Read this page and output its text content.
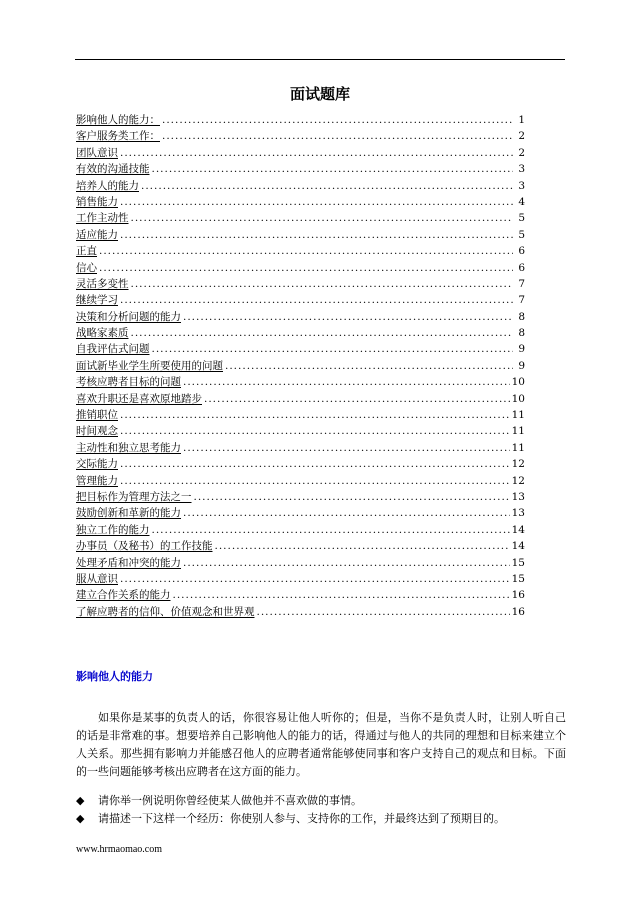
面试题库
影响他人的能力： .....	1
客户服务类工作： .....	2
团队意识 .....	2
有效的沟通技能 .....	3
培养人的能力 .....	3
销售能力 .....	4
工作主动性 .....	5
适应能力 .....	5
正直 .....	6
信心 .....	6
灵活多变性 .....	7
继续学习 .....	7
决策和分析问题的能力 .....	8
战略家素质 .....	8
自我评估式问题 .....	9
面试新毕业学生所要使用的问题 .....	9
考核应聘者目标的问题 .....	10
喜欢升职还是喜欢原地踏步 .....	10
推销职位 .....	11
时间观念 .....	11
主动性和独立思考能力 .....	11
交际能力 .....	12
管理能力 .....	12
把目标作为管理方法之一 .....	13
鼓励创新和革新的能力 .....	13
独立工作的能力 .....	14
办事员（及秘书）的工作技能 .....	14
处理矛盾和冲突的能力 .....	15
服从意识 .....	15
建立合作关系的能力 .....	16
了解应聘者的信仰、价值观念和世界观 .....	16
影响他人的能力

如果你是某事的负责人的话，你很容易让他人听你的；但是，当你不是负责人时，让别人听自己的话是非常难的事。想要培养自己影响他人的能力的话，得通过与他人的共同的理想和目标来建立个人关系。那些拥有影响力并能感召他人的应聘者通常能够使同事和客户支持自己的观点和目标。下面的一些问题能够考核出应聘者在这方面的能力。

◆	请你举一例说明你曾经使某人做他并不喜欢做的事情。
◆	请描述一下这样一个经历：你使别人参与、支持你的工作，并最终达到了预期目的。
www.hrmaomao.com
